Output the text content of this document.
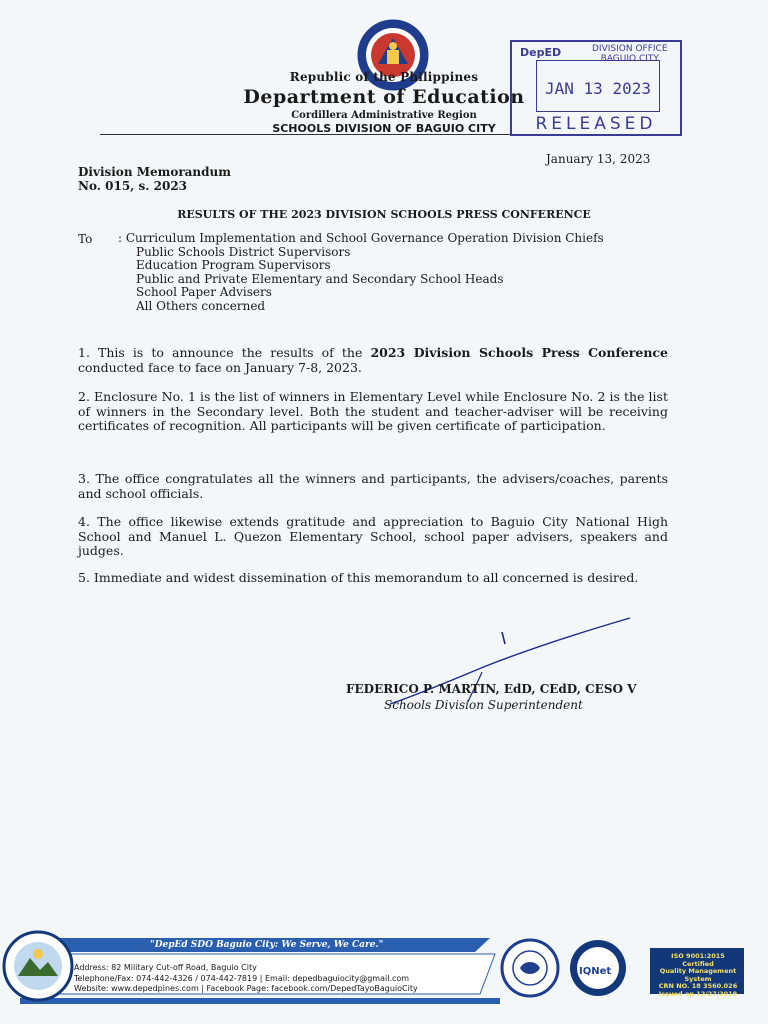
Republic of the Philippines
Department of Education
Cordillera Administrative Region
SCHOOLS DIVISION OF BAGUIO CITY
DepED	DIVISION OFFICE
BAGUIO CITY
JAN 13 2023
RELEASED
January 13, 2023
Division Memorandum
No. 015, s. 2023
RESULTS OF THE 2023 DIVISION SCHOOLS PRESS CONFERENCE
To : Curriculum Implementation and School Governance Operation Division Chiefs
Public Schools District Supervisors
Education Program Supervisors
Public and Private Elementary and Secondary School Heads
School Paper Advisers
All Others concerned
1. This is to announce the results of the 2023 Division Schools Press Conference conducted face to face on January 7-8, 2023.
2. Enclosure No. 1 is the list of winners in Elementary Level while Enclosure No. 2 is the list of winners in the Secondary level. Both the student and teacher-adviser will be receiving certificates of recognition. All participants will be given certificate of participation.
3. The office congratulates all the winners and participants, the advisers/coaches, parents and school officials.
4. The office likewise extends gratitude and appreciation to Baguio City National High School and Manuel L. Quezon Elementary School, school paper advisers, speakers and judges.
5. Immediate and widest dissemination of this memorandum to all concerned is desired.
FEDERICO P. MARTIN, EdD, CEdD, CESO V
Schools Division Superintendent
"DepEd SDO Baguio City: We Serve, We Care."
Address: 82 Military Cut-off Road, Baguio City
Telephone/Fax: 074-442-4326 / 074-442-7819 | Email: depedbaguiocity@gmail.com
Website: www.depedpines.com | Facebook Page: facebook.com/DepedTayoBaguioCity
IQNet
ISO 9001:2015 Certified
Quality Management System
CRN NO. 18 3560.026
Issued on 12/27/2019
